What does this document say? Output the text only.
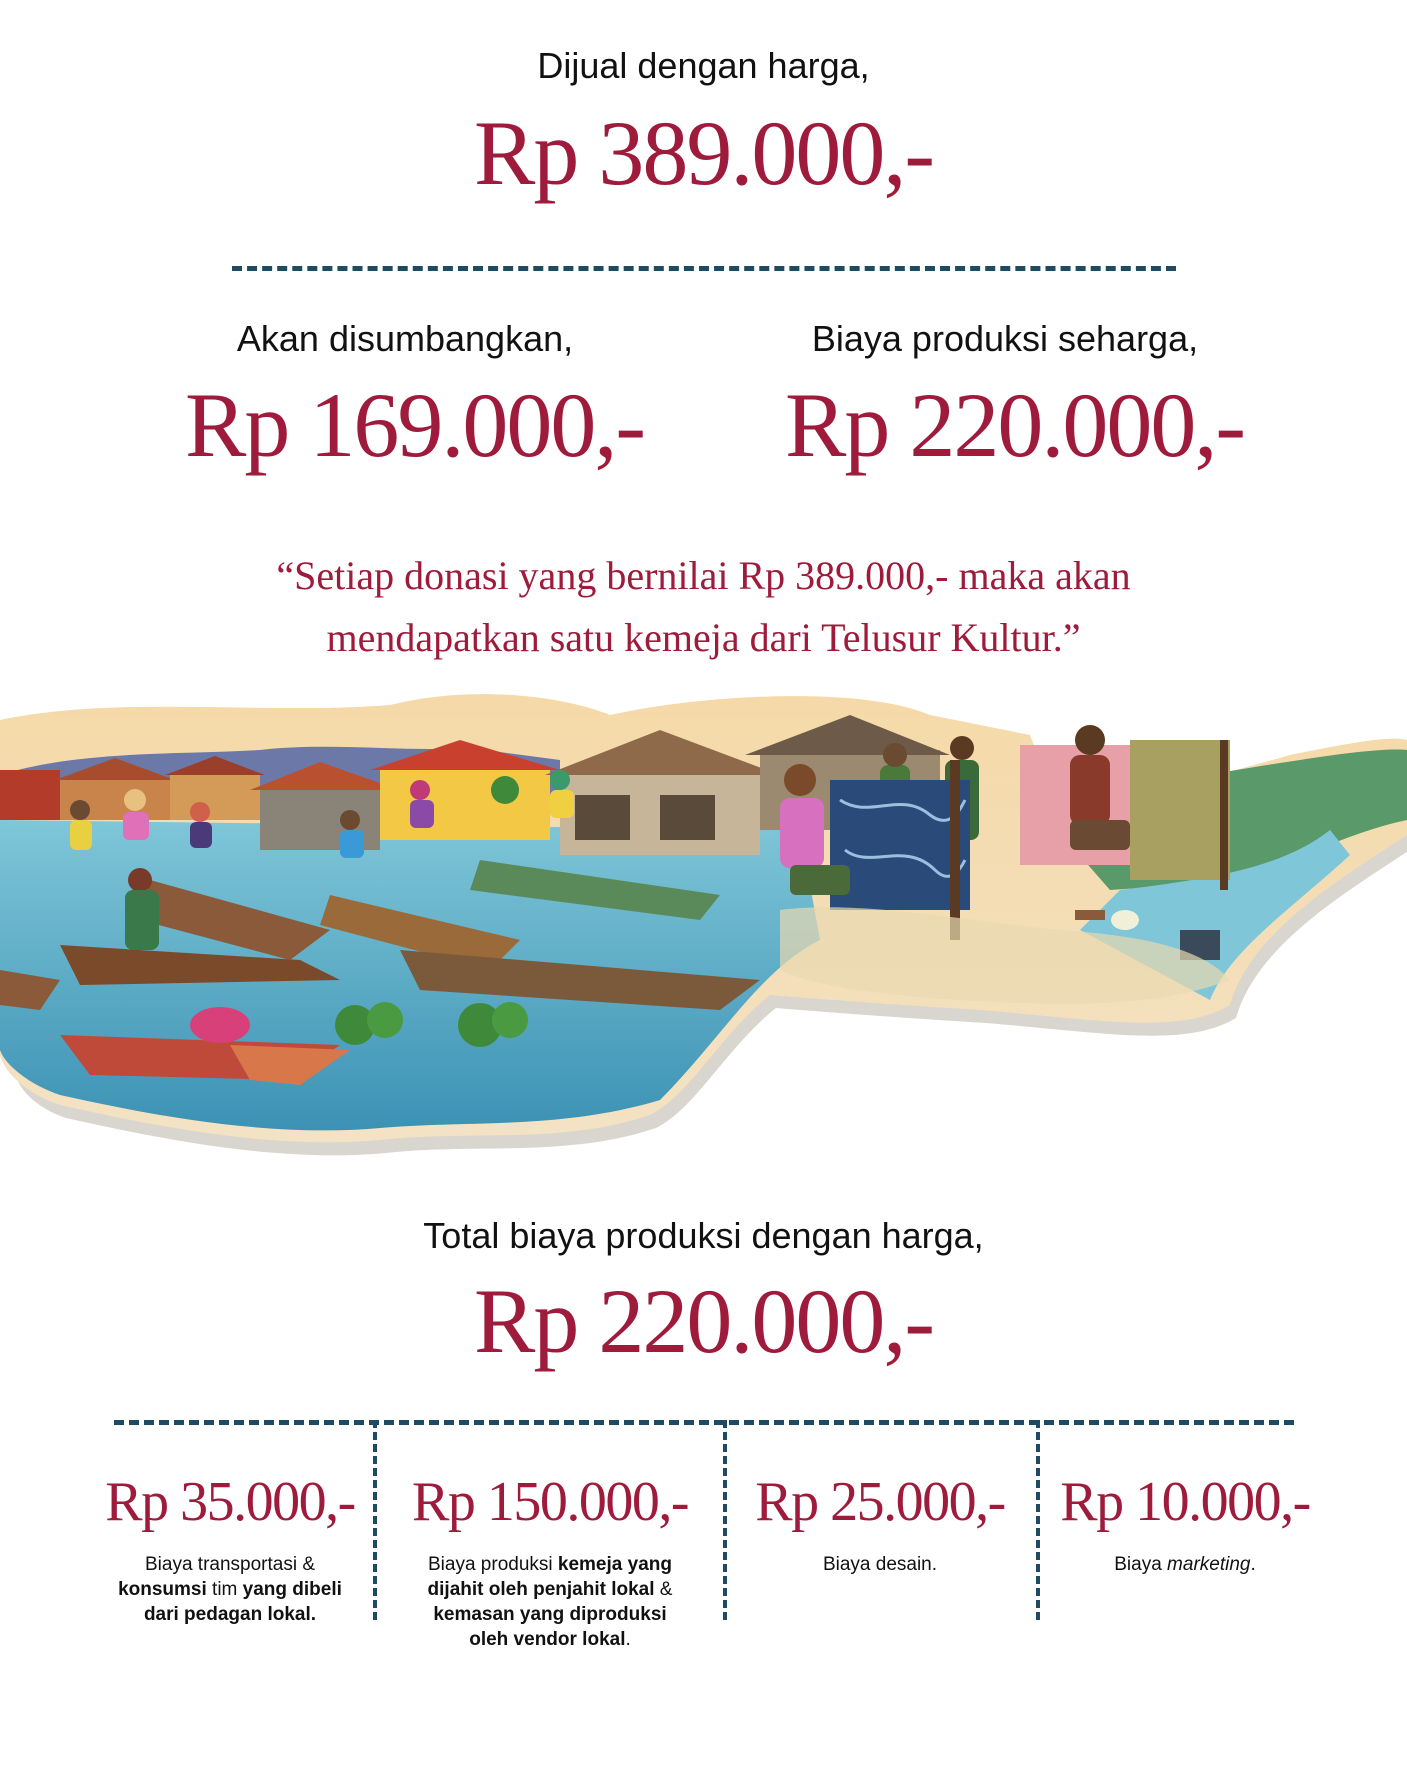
Dijual dengan harga,
Rp 389.000,-
Akan disumbangkan,
Rp 169.000,-
Biaya produksi seharga,
Rp 220.000,-
“Setiap donasi yang bernilai Rp 389.000,- maka akan
mendapatkan satu kemeja dari Telusur Kultur.”
Total biaya produksi dengan harga,
Rp 220.000,-
Rp 35.000,-
Biaya transportasi &
konsumsi tim yang dibeli
dari pedagan lokal.
Rp 150.000,-
Biaya produksi kemeja yang
dijahit oleh penjahit lokal &
kemasan yang diproduksi
oleh vendor lokal.
Rp 25.000,-
Biaya desain.
Rp 10.000,-
Biaya marketing.
